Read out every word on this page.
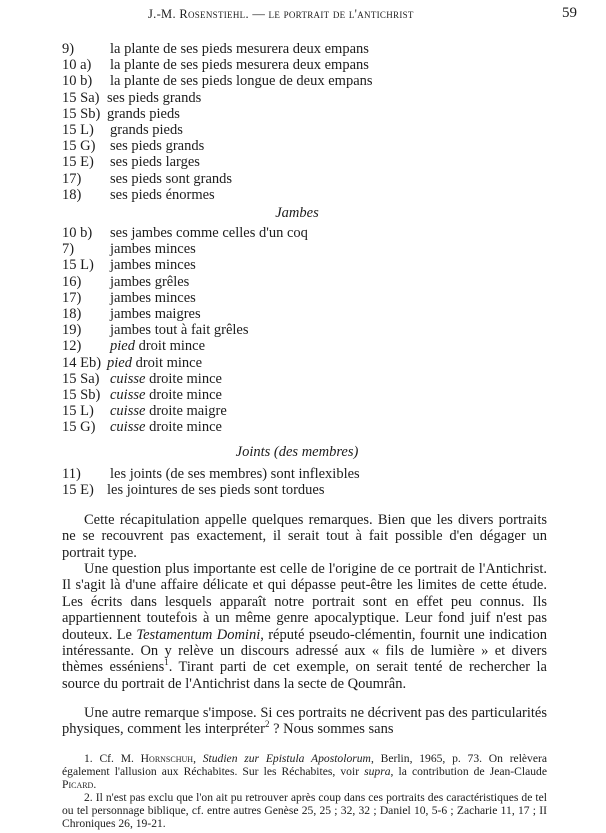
J.-M. Rosenstiehl. — le portrait de l'antichrist	59
9) la plante de ses pieds mesurera deux empans
10 a) la plante de ses pieds mesurera deux empans
10 b) la plante de ses pieds longue de deux empans
15 Sa) ses pieds grands
15 Sb) grands pieds
15 L) grands pieds
15 G) ses pieds grands
15 E) ses pieds larges
17) ses pieds sont grands
18) ses pieds énormes
Jambes
10 b) ses jambes comme celles d'un coq
7) jambes minces
15 L) jambes minces
16) jambes grêles
17) jambes minces
18) jambes maigres
19) jambes tout à fait grêles
12) pied droit mince
14 Eb) pied droit mince
15 Sa) cuisse droite mince
15 Sb) cuisse droite mince
15 L) cuisse droite maigre
15 G) cuisse droite mince
Joints (des membres)
11) les joints (de ses membres) sont inflexibles
15 E) les jointures de ses pieds sont tordues

Cette récapitulation appelle quelques remarques. Bien que les divers portraits ne se recouvrent pas exactement, il serait tout à fait possible d'en dégager un portrait type.

Une question plus importante est celle de l'origine de ce portrait de l'Antichrist. Il s'agit là d'une affaire délicate et qui dépasse peut-être les limites de cette étude. Les écrits dans lesquels apparaît notre portrait sont en effet peu connus. Ils appartiennent toutefois à un même genre apocalyptique. Leur fond juif n'est pas douteux. Le Testamentum Domini, réputé pseudo-clémentin, fournit une indication intéressante. On y relève un discours adressé aux « fils de lumière » et divers thèmes esséniens$^1$. Tirant parti de cet exemple, on serait tenté de rechercher la source du portrait de l'Antichrist dans la secte de Qoumrân.

Une autre remarque s'impose. Si ces portraits ne décrivent pas des particularités physiques, comment les interpréter$^2$ ? Nous sommes sans

1. Cf. M. Hornschuh, Studien zur Epistula Apostolorum, Berlin, 1965, p. 73. On relèvera également l'allusion aux Réchabites. Sur les Réchabites, voir supra, la contribution de Jean-Claude Picard.

2. Il n'est pas exclu que l'on ait pu retrouver après coup dans ces portraits des caractéristiques de tel ou tel personnage biblique, cf. entre autres Genèse 25, 25 ; 32, 32 ; Daniel 10, 5-6 ; Zacharie 11, 17 ; II Chroniques 26, 19-21.
